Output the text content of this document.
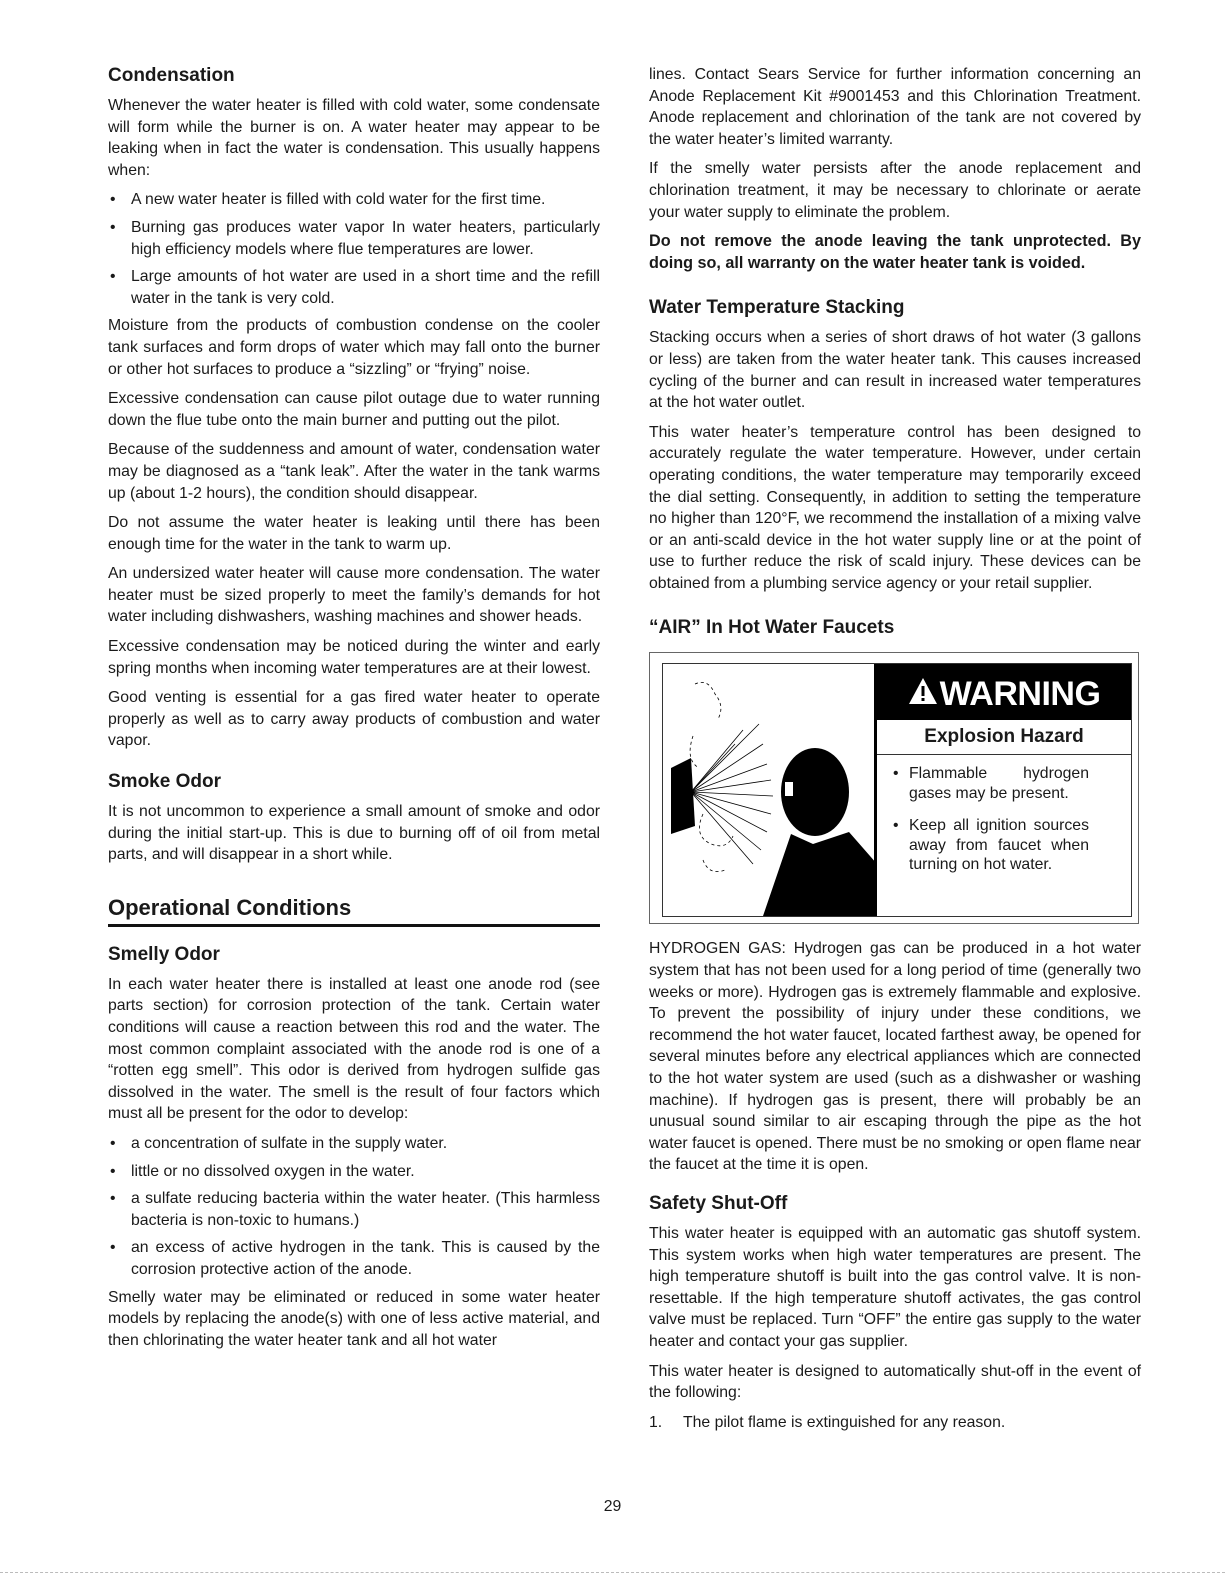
Condensation

Whenever the water heater is filled with cold water, some condensate will form while the burner is on. A water heater may appear to be leaking when in fact the water is condensation. This usually happens when:

• A new water heater is filled with cold water for the first time.
• Burning gas produces water vapor In water heaters, particularly high efficiency models where flue temperatures are lower.
• Large amounts of hot water are used in a short time and the refill water in the tank is very cold.

Moisture from the products of combustion condense on the cooler tank surfaces and form drops of water which may fall onto the burner or other hot surfaces to produce a “sizzling” or “frying” noise.

Excessive condensation can cause pilot outage due to water running down the flue tube onto the main burner and putting out the pilot.

Because of the suddenness and amount of water, condensation water may be diagnosed as a “tank leak”. After the water in the tank warms up (about 1-2 hours), the condition should disappear.

Do not assume the water heater is leaking until there has been enough time for the water in the tank to warm up.

An undersized water heater will cause more condensation. The water heater must be sized properly to meet the family’s demands for hot water including dishwashers, washing machines and shower heads.

Excessive condensation may be noticed during the winter and early spring months when incoming water temperatures are at their lowest.

Good venting is essential for a gas fired water heater to operate properly as well as to carry away products of combustion and water vapor.

Smoke Odor

It is not uncommon to experience a small amount of smoke and odor during the initial start-up. This is due to burning off of oil from metal parts, and will disappear in a short while.

Operational Conditions
Smelly Odor

In each water heater there is installed at least one anode rod (see parts section) for corrosion protection of the tank. Certain water conditions will cause a reaction between this rod and the water. The most common complaint associated with the anode rod is one of a “rotten egg smell”. This odor is derived from hydrogen sulfide gas dissolved in the water. The smell is the result of four factors which must all be present for the odor to develop:

• a concentration of sulfate in the supply water.
• little or no dissolved oxygen in the water.
• a sulfate reducing bacteria within the water heater. (This harmless bacteria is non-toxic to humans.)
• an excess of active hydrogen in the tank. This is caused by the corrosion protective action of the anode.

Smelly water may be eliminated or reduced in some water heater models by replacing the anode(s) with one of less active material, and then chlorinating the water heater tank and all hot water

lines. Contact Sears Service for further information concerning an Anode Replacement Kit #9001453 and this Chlorination Treatment. Anode replacement and chlorination of the tank are not covered by the water heater’s limited warranty.

If the smelly water persists after the anode replacement and chlorination treatment, it may be necessary to chlorinate or aerate your water supply to eliminate the problem.

Do not remove the anode leaving the tank unprotected. By doing so, all warranty on the water heater tank is voided.

Water Temperature Stacking

Stacking occurs when a series of short draws of hot water (3 gallons or less) are taken from the water heater tank. This causes increased cycling of the burner and can result in increased water temperatures at the hot water outlet.

This water heater’s temperature control has been designed to accurately regulate the water temperature. However, under certain operating conditions, the water temperature may temporarily exceed the dial setting. Consequently, in addition to setting the temperature no higher than 120°F, we recommend the installation of a mixing valve or an anti-scald device in the hot water supply line or at the point of use to further reduce the risk of scald injury. These devices can be obtained from a plumbing service agency or your retail supplier.

“AIR” In Hot Water Faucets
WARNING
Explosion Hazard
• Flammable hydrogen gases may be present.
• Keep all ignition sources away from faucet when turning on hot water.

HYDROGEN GAS: Hydrogen gas can be produced in a hot water system that has not been used for a long period of time (generally two weeks or more). Hydrogen gas is extremely flammable and explosive. To prevent the possibility of injury under these conditions, we recommend the hot water faucet, located farthest away, be opened for several minutes before any electrical appliances which are connected to the hot water system are used (such as a dishwasher or washing machine). If hydrogen gas is present, there will probably be an unusual sound similar to air escaping through the pipe as the hot water faucet is opened. There must be no smoking or open flame near the faucet at the time it is open.

Safety Shut-Off

This water heater is equipped with an automatic gas shutoff system. This system works when high water temperatures are present. The high temperature shutoff is built into the gas control valve. It is non-resettable. If the high temperature shutoff activates, the gas control valve must be replaced. Turn “OFF” the entire gas supply to the water heater and contact your gas supplier.

This water heater is designed to automatically shut-off in the event of the following:

1. The pilot flame is extinguished for any reason.
29
